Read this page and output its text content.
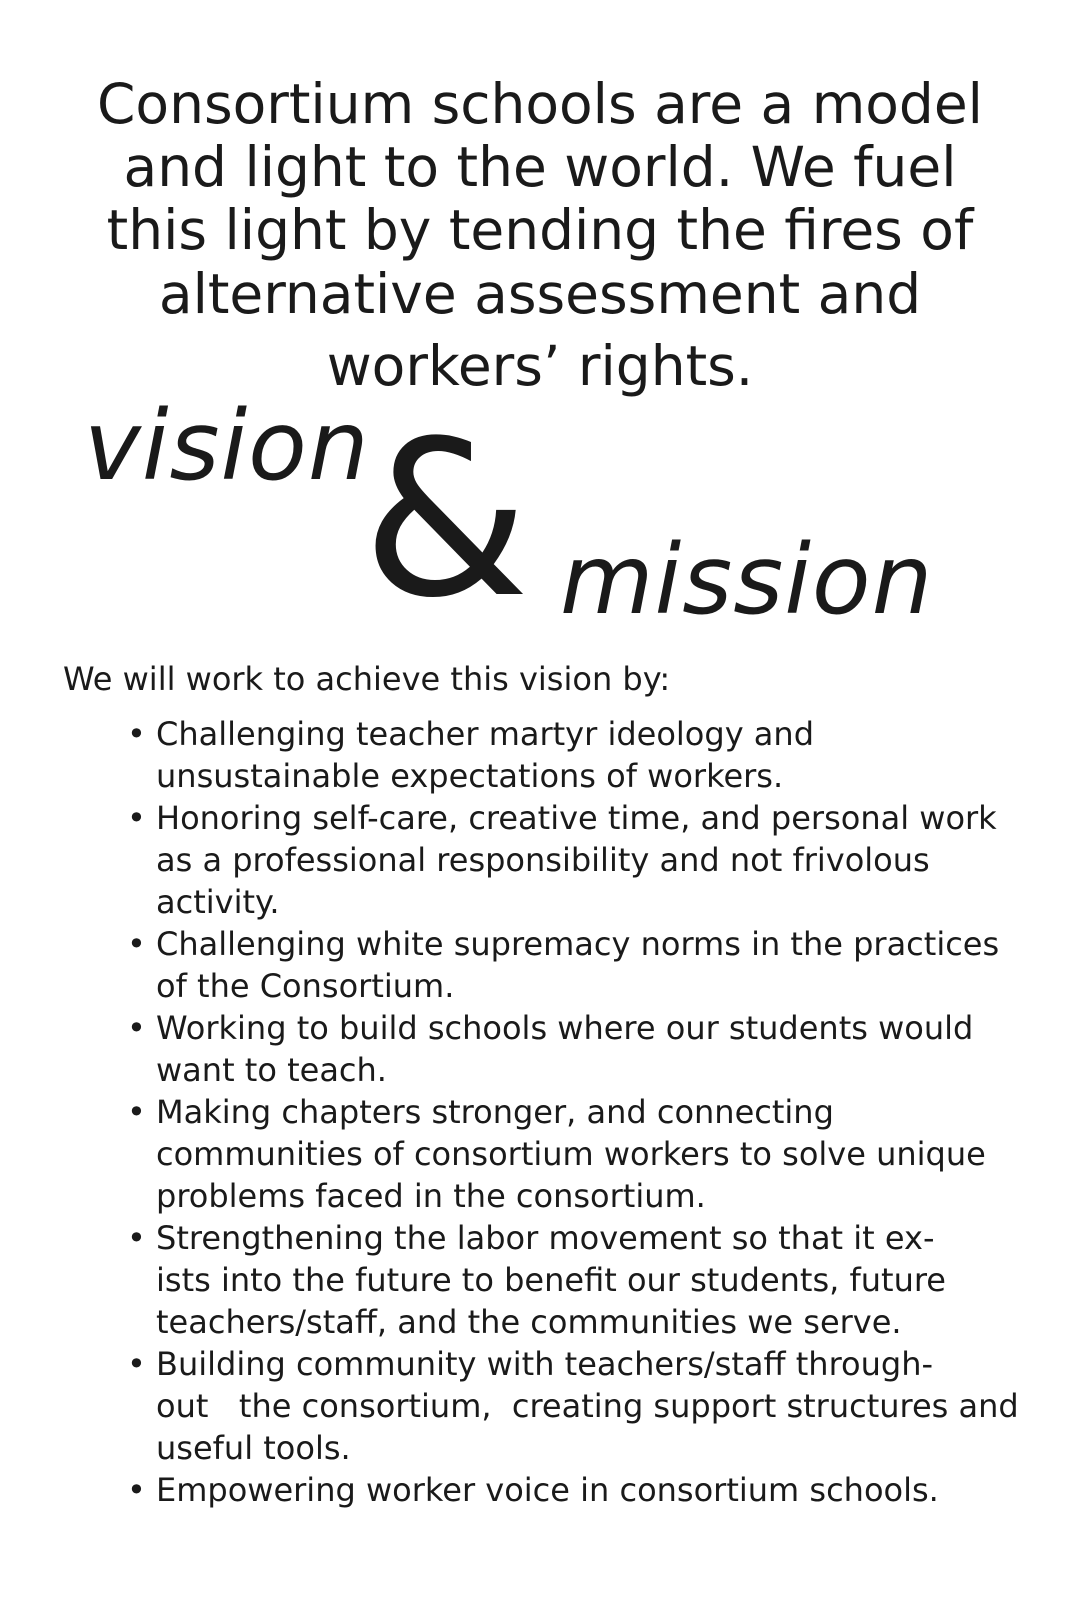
Consortium schools are a model

and light to the world. We fuel

this light by tending the fires of

alternative assessment and

workers’ rights.

vision
& mission
We will work to achieve this vision by:
• Challenging teacher martyr ideology and
unsustainable expectations of workers.
• Honoring self-care, creative time, and personal work
as a professional responsibility and not frivolous
activity.
• Challenging white supremacy norms in the practices
of the Consortium.
• Working to build schools where our students would
want to teach.
• Making chapters stronger, and connecting
communities of consortium workers to solve unique
problems faced in the consortium.
• Strengthening the labor movement so that it ex-
ists into the future to benefit our students, future
teachers/staff, and the communities we serve.
• Building community with teachers/staff through-
out   the consortium,  creating support structures and
useful tools.
• Empowering worker voice in consortium schools.
